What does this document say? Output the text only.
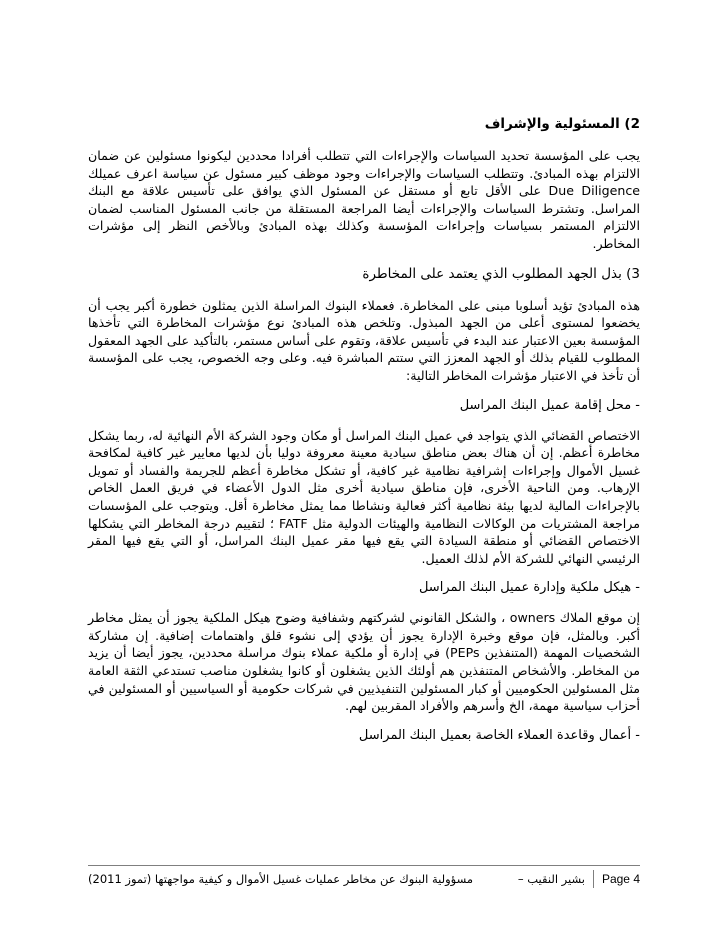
2) المسئولية والإشراف

يجب على المؤسسة تحديد السياسات والإجراءات التي تتطلب أفرادا محددين ليكونوا مسئولين عن ضمان الالتزام بهذه المبادئ. وتتطلب السياسات والإجراءات وجود موظف كبير مسئول عن سياسة اعرف عميلك Due Diligence على الأقل تابع أو مستقل عن المسئول الذي يوافق على تأسيس علاقة مع البنك المراسل. وتشترط السياسات والإجراءات أيضا المراجعة المستقلة من جانب المسئول المناسب لضمان الالتزام المستمر بسياسات وإجراءات المؤسسة وكذلك بهذه المبادئ وبالأخص النظر إلى مؤشرات المخاطر.

3) بذل الجهد المطلوب الذي يعتمد على المخاطرة

هذه المبادئ تؤيد أسلوبا مبنى على المخاطرة. فعملاء البنوك المراسلة الذين يمثلون خطورة أكبر يجب أن يخضعوا لمستوى أعلى من الجهد المبذول. وتلخص هذه المبادئ نوع مؤشرات المخاطرة التي تأخذها المؤسسة بعين الاعتبار عند البدء في تأسيس علاقة، وتقوم على أساس مستمر، بالتأكيد على الجهد المعقول المطلوب للقيام بذلك أو الجهد المعزز التي ستتم المباشرة فيه. وعلى وجه الخصوص، يجب على المؤسسة أن تأخذ في الاعتبار مؤشرات المخاطر التالية:

- محل إقامة عميل البنك المراسل

الاختصاص القضائي الذي يتواجد في عميل البنك المراسل أو مكان وجود الشركة الأم النهائية له، ربما يشكل مخاطرة أعظم. إن أن هناك بعض مناطق سيادية معينة معروفة دوليا بأن لديها معايير غير كافية لمكافحة غسيل الأموال وإجراءات إشرافية نظامية غير كافية، أو تشكل مخاطرة أعظم للجريمة والفساد أو تمويل الإرهاب. ومن الناحية الأخرى، فإن مناطق سيادية أخرى مثل الدول الأعضاء في فريق العمل الخاص بالإجراءات المالية لديها بيئة نظامية أكثر فعالية ونشاطا مما يمثل مخاطرة أقل. ويتوجب على المؤسسات مراجعة المشتريات من الوكالات النظامية والهيئات الدولية مثل FATF ؛ لتقييم درجة المخاطر التي يشكلها الاختصاص القضائي أو منطقة السيادة التي يقع فيها مقر عميل البنك المراسل، أو التي يقع فيها المقر الرئيسي النهائي للشركة الأم لذلك العميل.

- هيكل ملكية وإدارة عميل البنك المراسل

إن موقع الملاك owners ، والشكل القانوني لشركتهم وشفافية وضوح هيكل الملكية يجوز أن يمثل مخاطر أكبر. وبالمثل، فإن موقع وخبرة الإدارة يجوز أن يؤدي إلى نشوء قلق واهتمامات إضافية. إن مشاركة الشخصيات المهمة (المتنفذين PEPs) في إدارة أو ملكية عملاء بنوك مراسلة محددين، يجوز أيضا أن يزيد من المخاطر. والأشخاص المتنفذين هم أولئك الذين يشغلون أو كانوا يشغلون مناصب تستدعي الثقة العامة مثل المسئولين الحكوميين أو كبار المسئولين التنفيذيين في شركات حكومية أو السياسيين أو المسئولين في أحزاب سياسية مهمة، الخ وأسرهم والأفراد المقربين لهم.

- أعمال وقاعدة العملاء الخاصة بعميل البنك المراسل
مسؤولية البنوك عن مخاطر عمليات غسيل الأموال و كيفية مواجهتها (تموز 2011)	بشير النقيب –	Page 4
